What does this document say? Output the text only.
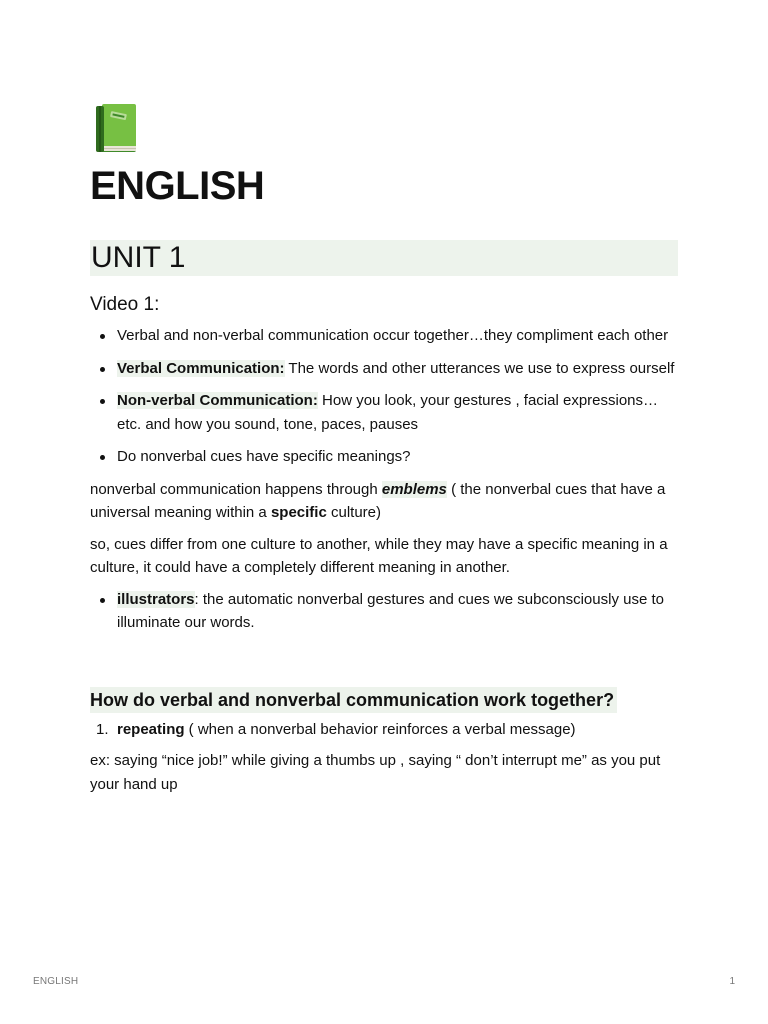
ENGLISH
UNIT 1
Video 1:
Verbal and non-verbal communication occur together…they compliment each other
Verbal Communication: The words and other utterances we use to express ourself
Non-verbal Communication: How you look, your gestures , facial expressions…etc. and how you sound, tone, paces, pauses
Do nonverbal cues have specific meanings?

nonverbal communication happens through emblems ( the nonverbal cues that have a universal meaning within a specific culture)

so, cues differ from one culture to another, while they may have a specific meaning in a culture, it could have a completely different meaning in another.

illustrators: the automatic nonverbal gestures and cues we subconsciously use to illuminate our words.
How do verbal and nonverbal communication work together?
1. repeating ( when a nonverbal behavior reinforces a verbal message)

ex: saying “nice job!” while giving a thumbs up , saying “ don’t interrupt me” as you put your hand up

ENGLISH	1
